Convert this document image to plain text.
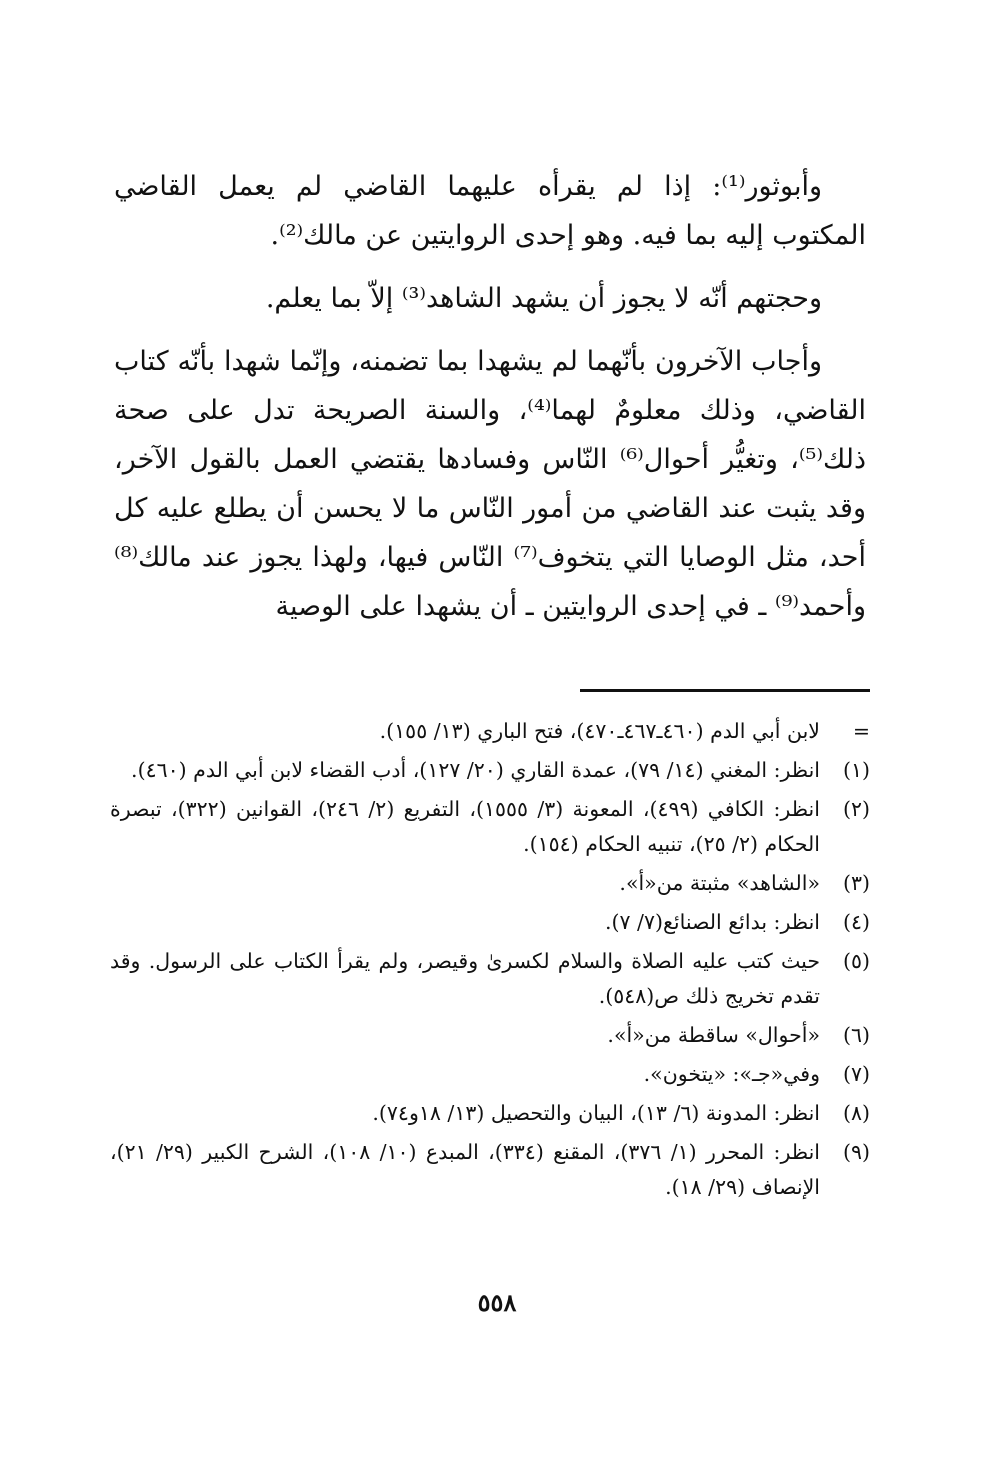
وأبوثور⁽¹⁾: إذا لم يقرأه عليهما القاضي لم يعمل القاضي المكتوب إليه بما فيه. وهو إحدى الروايتين عن مالك⁽²⁾.

وحجتهم أنّه لا يجوز أن يشهد الشاهد⁽³⁾ إلاّ بما يعلم.

وأجاب الآخرون بأنّهما لم يشهدا بما تضمنه، وإنّما شهدا بأنّه كتاب القاضي، وذلك معلومٌ لهما⁽⁴⁾، والسنة الصريحة تدل على صحة ذلك⁽⁵⁾، وتغيُّر أحوال⁽⁶⁾ النّاس وفسادها يقتضي العمل بالقول الآخر، وقد يثبت عند القاضي من أمور النّاس ما لا يحسن أن يطلع عليه كل أحد، مثل الوصايا التي يتخوف⁽⁷⁾ النّاس فيها، ولهذا يجوز عند مالك⁽⁸⁾ وأحمد⁽⁹⁾ ـ في إحدى الروايتين ـ أن يشهدا على الوصية

=
لابن أبي الدم (٤٦٠ـ٤٦٧ـ٤٧٠)، فتح الباري (١٣/ ١٥٥).
(١)
انظر: المغني (١٤/ ٧٩)، عمدة القاري (٢٠/ ١٢٧)، أدب القضاء لابن أبي الدم (٤٦٠).
(٢)
انظر: الكافي (٤٩٩)، المعونة (٣/ ١٥٥٥)، التفريع (٢/ ٢٤٦)، القوانين (٣٢٢)، تبصرة الحكام (٢/ ٢٥)، تنبيه الحكام (١٥٤).
(٣)
«الشاهد» مثبتة من«أ».
(٤)
انظر: بدائع الصنائع(٧/ ٧).
(٥)
حيث كتب عليه الصلاة والسلام لكسرىٰ وقيصر، ولم يقرأ الكتاب على الرسول. وقد تقدم تخريج ذلك ص(٥٤٨).
(٦)
«أحوال» ساقطة من«أ».
(٧)
وفي«جـ»: «يتخون».
(٨)
انظر: المدونة (٦/ ١٣)، البيان والتحصيل (١٣/ ١٨و٧٤).
(٩)
انظر: المحرر (١/ ٣٧٦)، المقنع (٣٣٤)، المبدع (١٠/ ١٠٨)، الشرح الكبير (٢٩/ ٢١)، الإنصاف (٢٩/ ١٨).
٥٥٨
